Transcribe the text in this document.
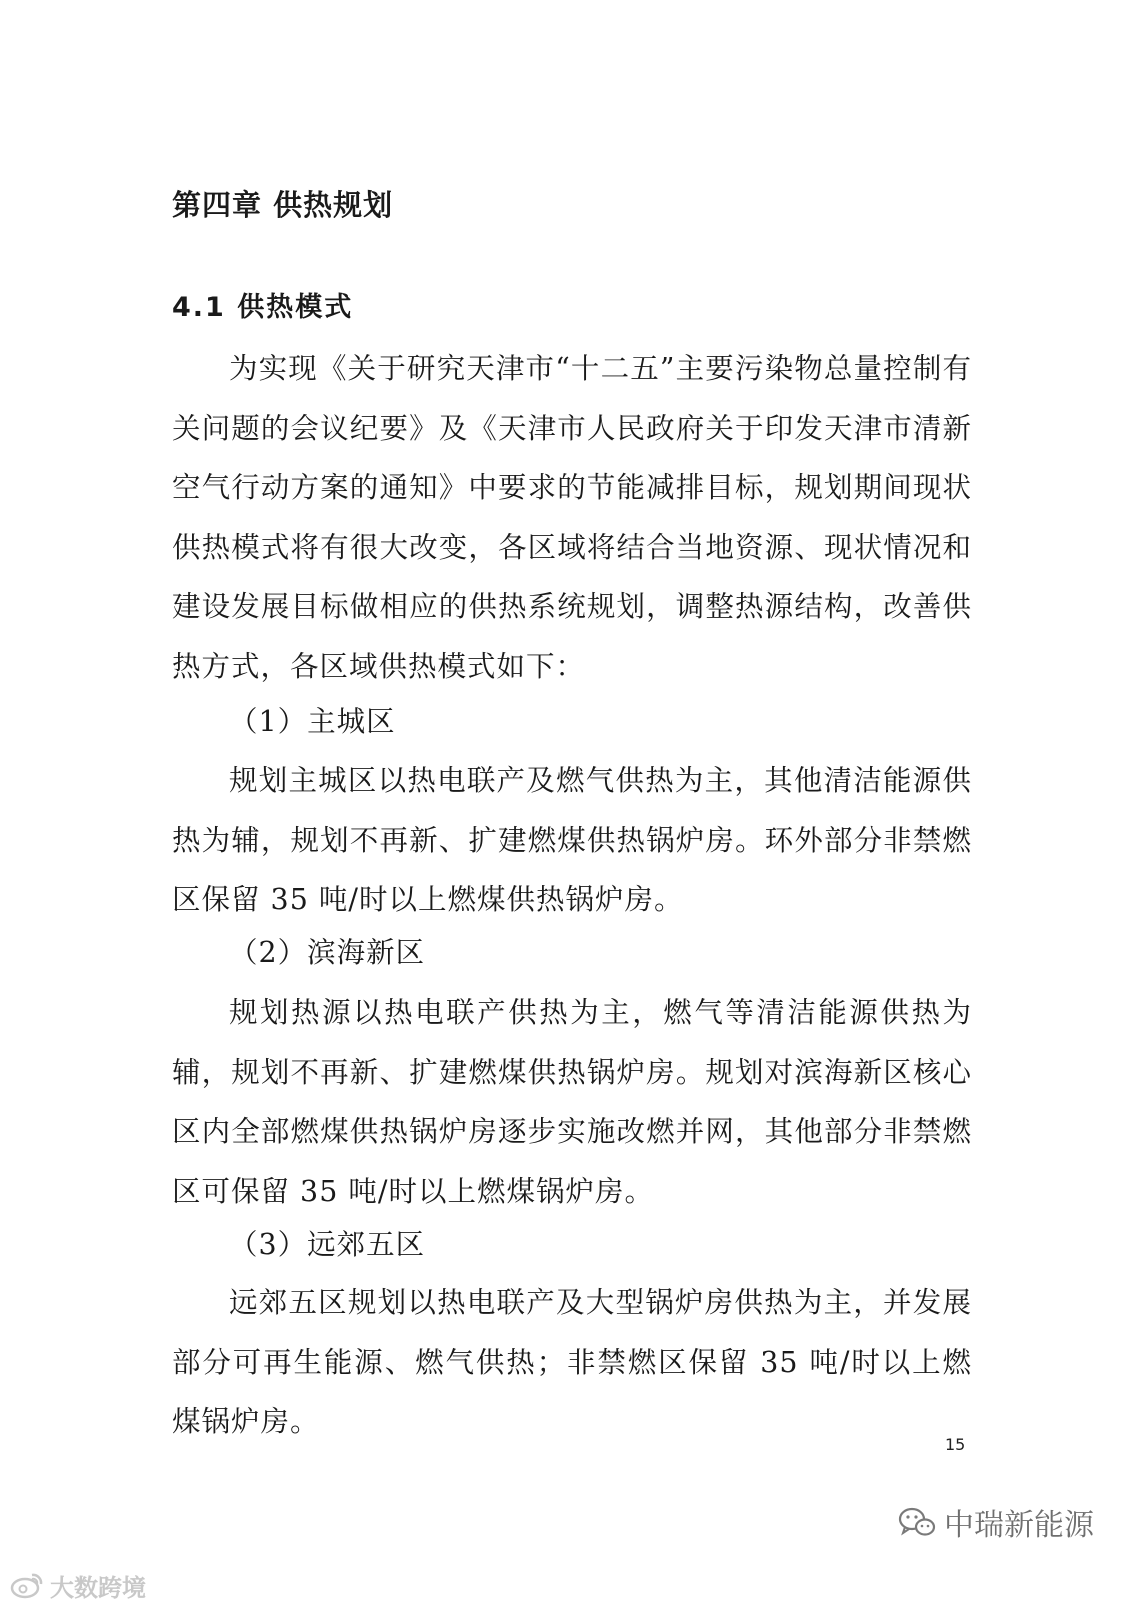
第四章 供热规划
4.1 供热模式

为实现《关于研究天津市“十二五”主要污染物总量控制有关问题的会议纪要》及《天津市人民政府关于印发天津市清新空气行动方案的通知》中要求的节能减排目标，规划期间现状供热模式将有很大改变，各区域将结合当地资源、现状情况和建设发展目标做相应的供热系统规划，调整热源结构，改善供热方式，各区域供热模式如下：

（1）主城区

规划主城区以热电联产及燃气供热为主，其他清洁能源供热为辅，规划不再新、扩建燃煤供热锅炉房。环外部分非禁燃区保留 35 吨/时以上燃煤供热锅炉房。

（2）滨海新区

规划热源以热电联产供热为主，燃气等清洁能源供热为辅，规划不再新、扩建燃煤供热锅炉房。规划对滨海新区核心区内全部燃煤供热锅炉房逐步实施改燃并网，其他部分非禁燃区可保留 35 吨/时以上燃煤锅炉房。

（3）远郊五区

远郊五区规划以热电联产及大型锅炉房供热为主，并发展部分可再生能源、燃气供热；非禁燃区保留 35 吨/时以上燃煤锅炉房。

15
大数跨境
中瑞新能源
